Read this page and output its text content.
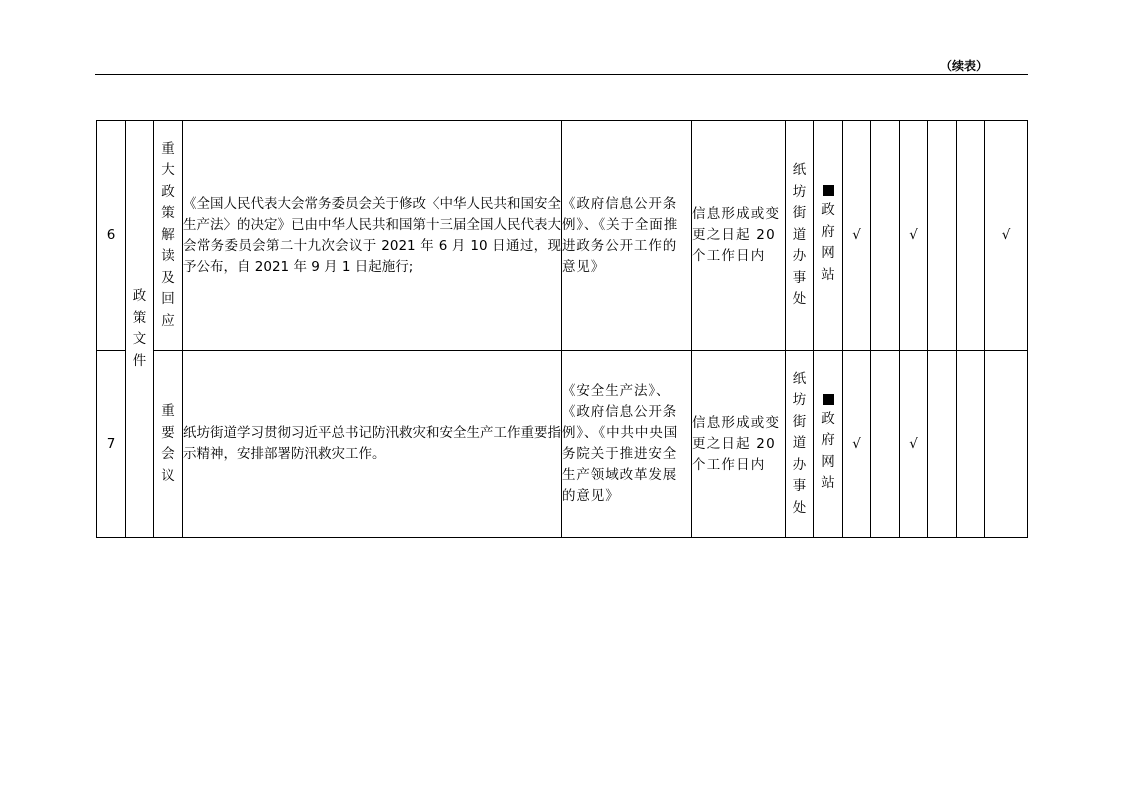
（续表）
6	政策文件	重大政策解读及回应	《全国人民代表大会常务委员会关于修改〈中华人民共和国安全生产法〉的决定》已由中华人民共和国第十三届全国人民代表大会常务委员会第二十九次会议于 2021 年 6 月 10 日通过，现予公布，自 2021 年 9 月 1 日起施行;	《政府信息公开条例》、《关于全面推进政务公开工作的意见》	信息形成或变更之日起 20 个工作日内	纸坊街道办事处	政府网站	√		√			√
7		重要会议	纸坊街道学习贯彻习近平总书记防汛救灾和安全生产工作重要指示精神，安排部署防汛救灾工作。	《安全生产法》、《政府信息公开条例》、《中共中央国务院关于推进安全生产领域改革发展的意见》	信息形成或变更之日起 20 个工作日内	纸坊街道办事处	政府网站	√		√			
